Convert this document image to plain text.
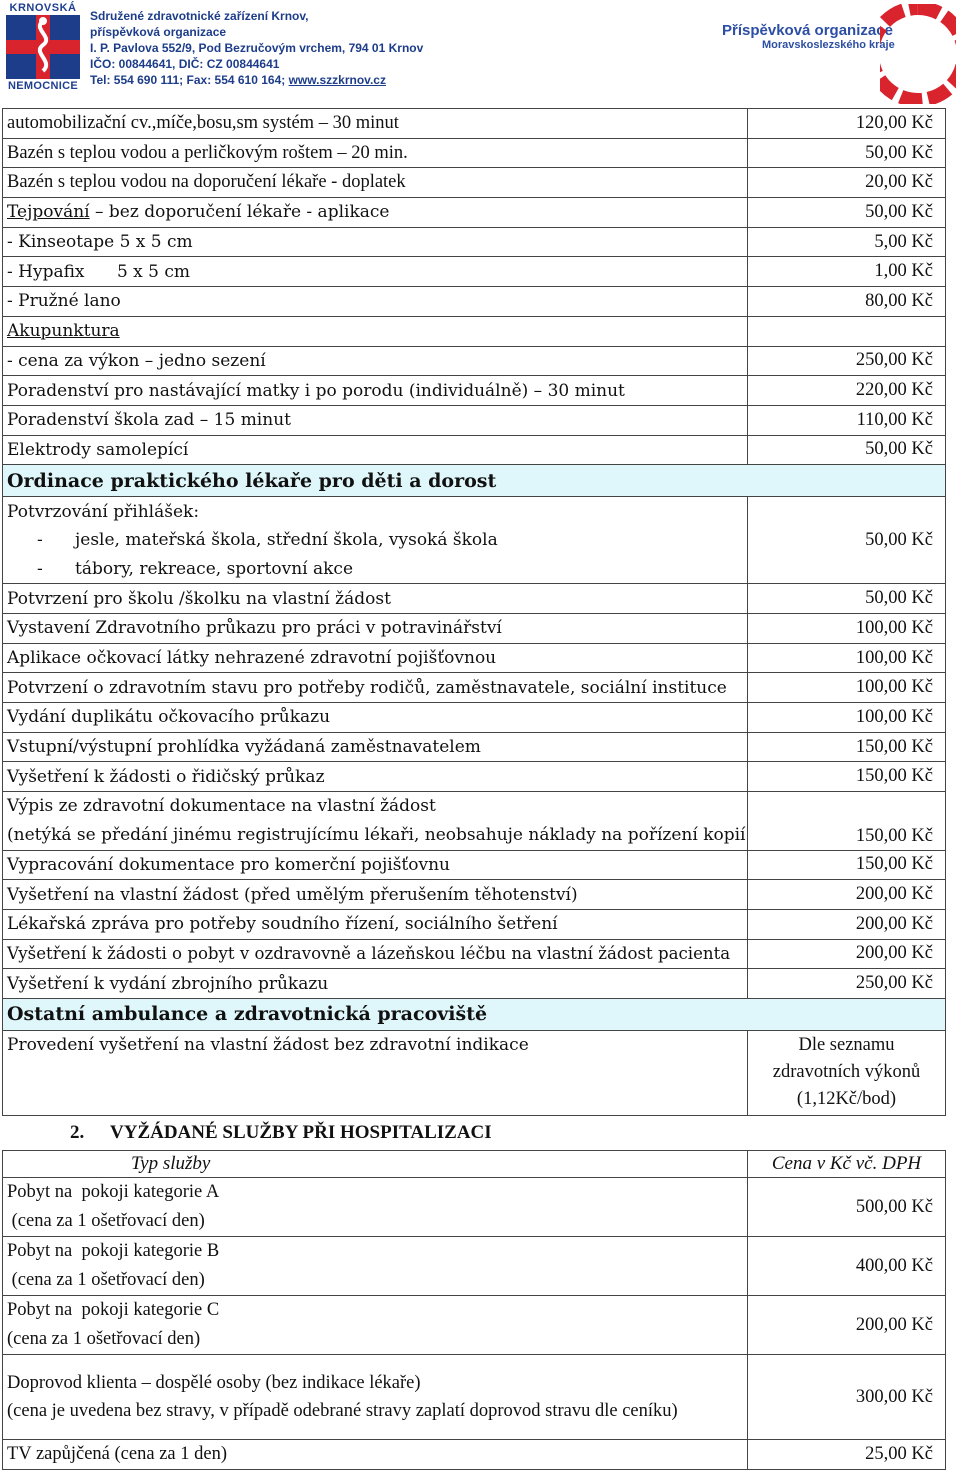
KRNOVSKÁ
NEMOCNICE
Sdružené zdravotnické zařízení Krnov,
příspěvková organizace
I. P. Pavlova 552/9, Pod Bezručovým vrchem, 794 01 Krnov
IČO: 00844641, DIČ: CZ 00844641
Tel: 554 690 111; Fax: 554 610 164; www.szzkrnov.cz
Příspěvková organizace
Moravskoslezského kraje
automobilizační cv.,míče,bosu,sm systém – 30 minut	120,00 Kč
Bazén s teplou vodou a perličkovým roštem – 20 min.	50,00 Kč
Bazén s teplou vodou na doporučení lékaře - doplatek	20,00 Kč
Tejpování – bez doporučení lékaře - aplikace	50,00 Kč
- Kinseotape 5 x 5 cm	5,00 Kč
- Hypafix      5 x 5 cm	1,00 Kč
- Pružné lano	80,00 Kč
Akupunktura	
- cena za výkon – jedno sezení	250,00 Kč
Poradenství pro nastávající matky i po porodu (individuálně) – 30 minut	220,00 Kč
Poradenství škola zad – 15 minut	110,00 Kč
Elektrody samolepící	50,00 Kč
Ordinace praktického lékaře pro děti a dorost	
Potvrzování přihlášek:	50,00 Kč
- jesle, mateřská škola, střední škola, vysoká škola	
- tábory, rekreace, sportovní akce	
Potvrzení pro školu /školku na vlastní žádost	50,00 Kč
Vystavení Zdravotního průkazu pro práci v potravinářství	100,00 Kč
Aplikace očkovací látky nehrazené zdravotní pojišťovnou	100,00 Kč
Potvrzení o zdravotním stavu pro potřeby rodičů, zaměstnavatele, sociální instituce	100,00 Kč
Vydání duplikátu očkovacího průkazu	100,00 Kč
Vstupní/výstupní prohlídka vyžádaná zaměstnavatelem	150,00 Kč
Vyšetření k žádosti o řidičský průkaz	150,00 Kč
Výpis ze zdravotní dokumentace na vlastní žádost	150,00 Kč
(netýká se předání jinému registrujícímu lékaři, neobsahuje náklady na pořízení kopií	
Vypracování dokumentace pro komerční pojišťovnu	150,00 Kč
Vyšetření na vlastní žádost (před umělým přerušením těhotenství)	200,00 Kč
Lékařská zpráva pro potřeby soudního řízení, sociálního šetření	200,00 Kč
Vyšetření k žádosti o pobyt v ozdravovně a lázeňskou léčbu na vlastní žádost pacienta	200,00 Kč
Vyšetření k vydání zbrojního průkazu	250,00 Kč
Ostatní ambulance a zdravotnická pracoviště	
Provedení vyšetření na vlastní žádost bez zdravotní indikace	Dle seznamu
zdravotních výkonů
(1,12Kč/bod)
2. VYŽÁDANÉ SLUŽBY PŘI HOSPITALIZACI
Typ služby	Cena v Kč vč. DPH

Pobyt na  pokoji kategorie A
(cena za 1 ošetřovací den)	500,00 Kč

Pobyt na  pokoji kategorie B
(cena za 1 ošetřovací den)	400,00 Kč

Pobyt na  pokoji kategorie C
(cena za 1 ošetřovací den)	200,00 Kč

Doprovod klienta – dospělé osoby (bez indikace lékaře)
(cena je uvedena bez stravy, v případě odebrané stravy zaplatí doprovod stravu dle ceníku)	300,00 Kč
TV zapůjčená (cena za 1 den)	25,00 Kč
